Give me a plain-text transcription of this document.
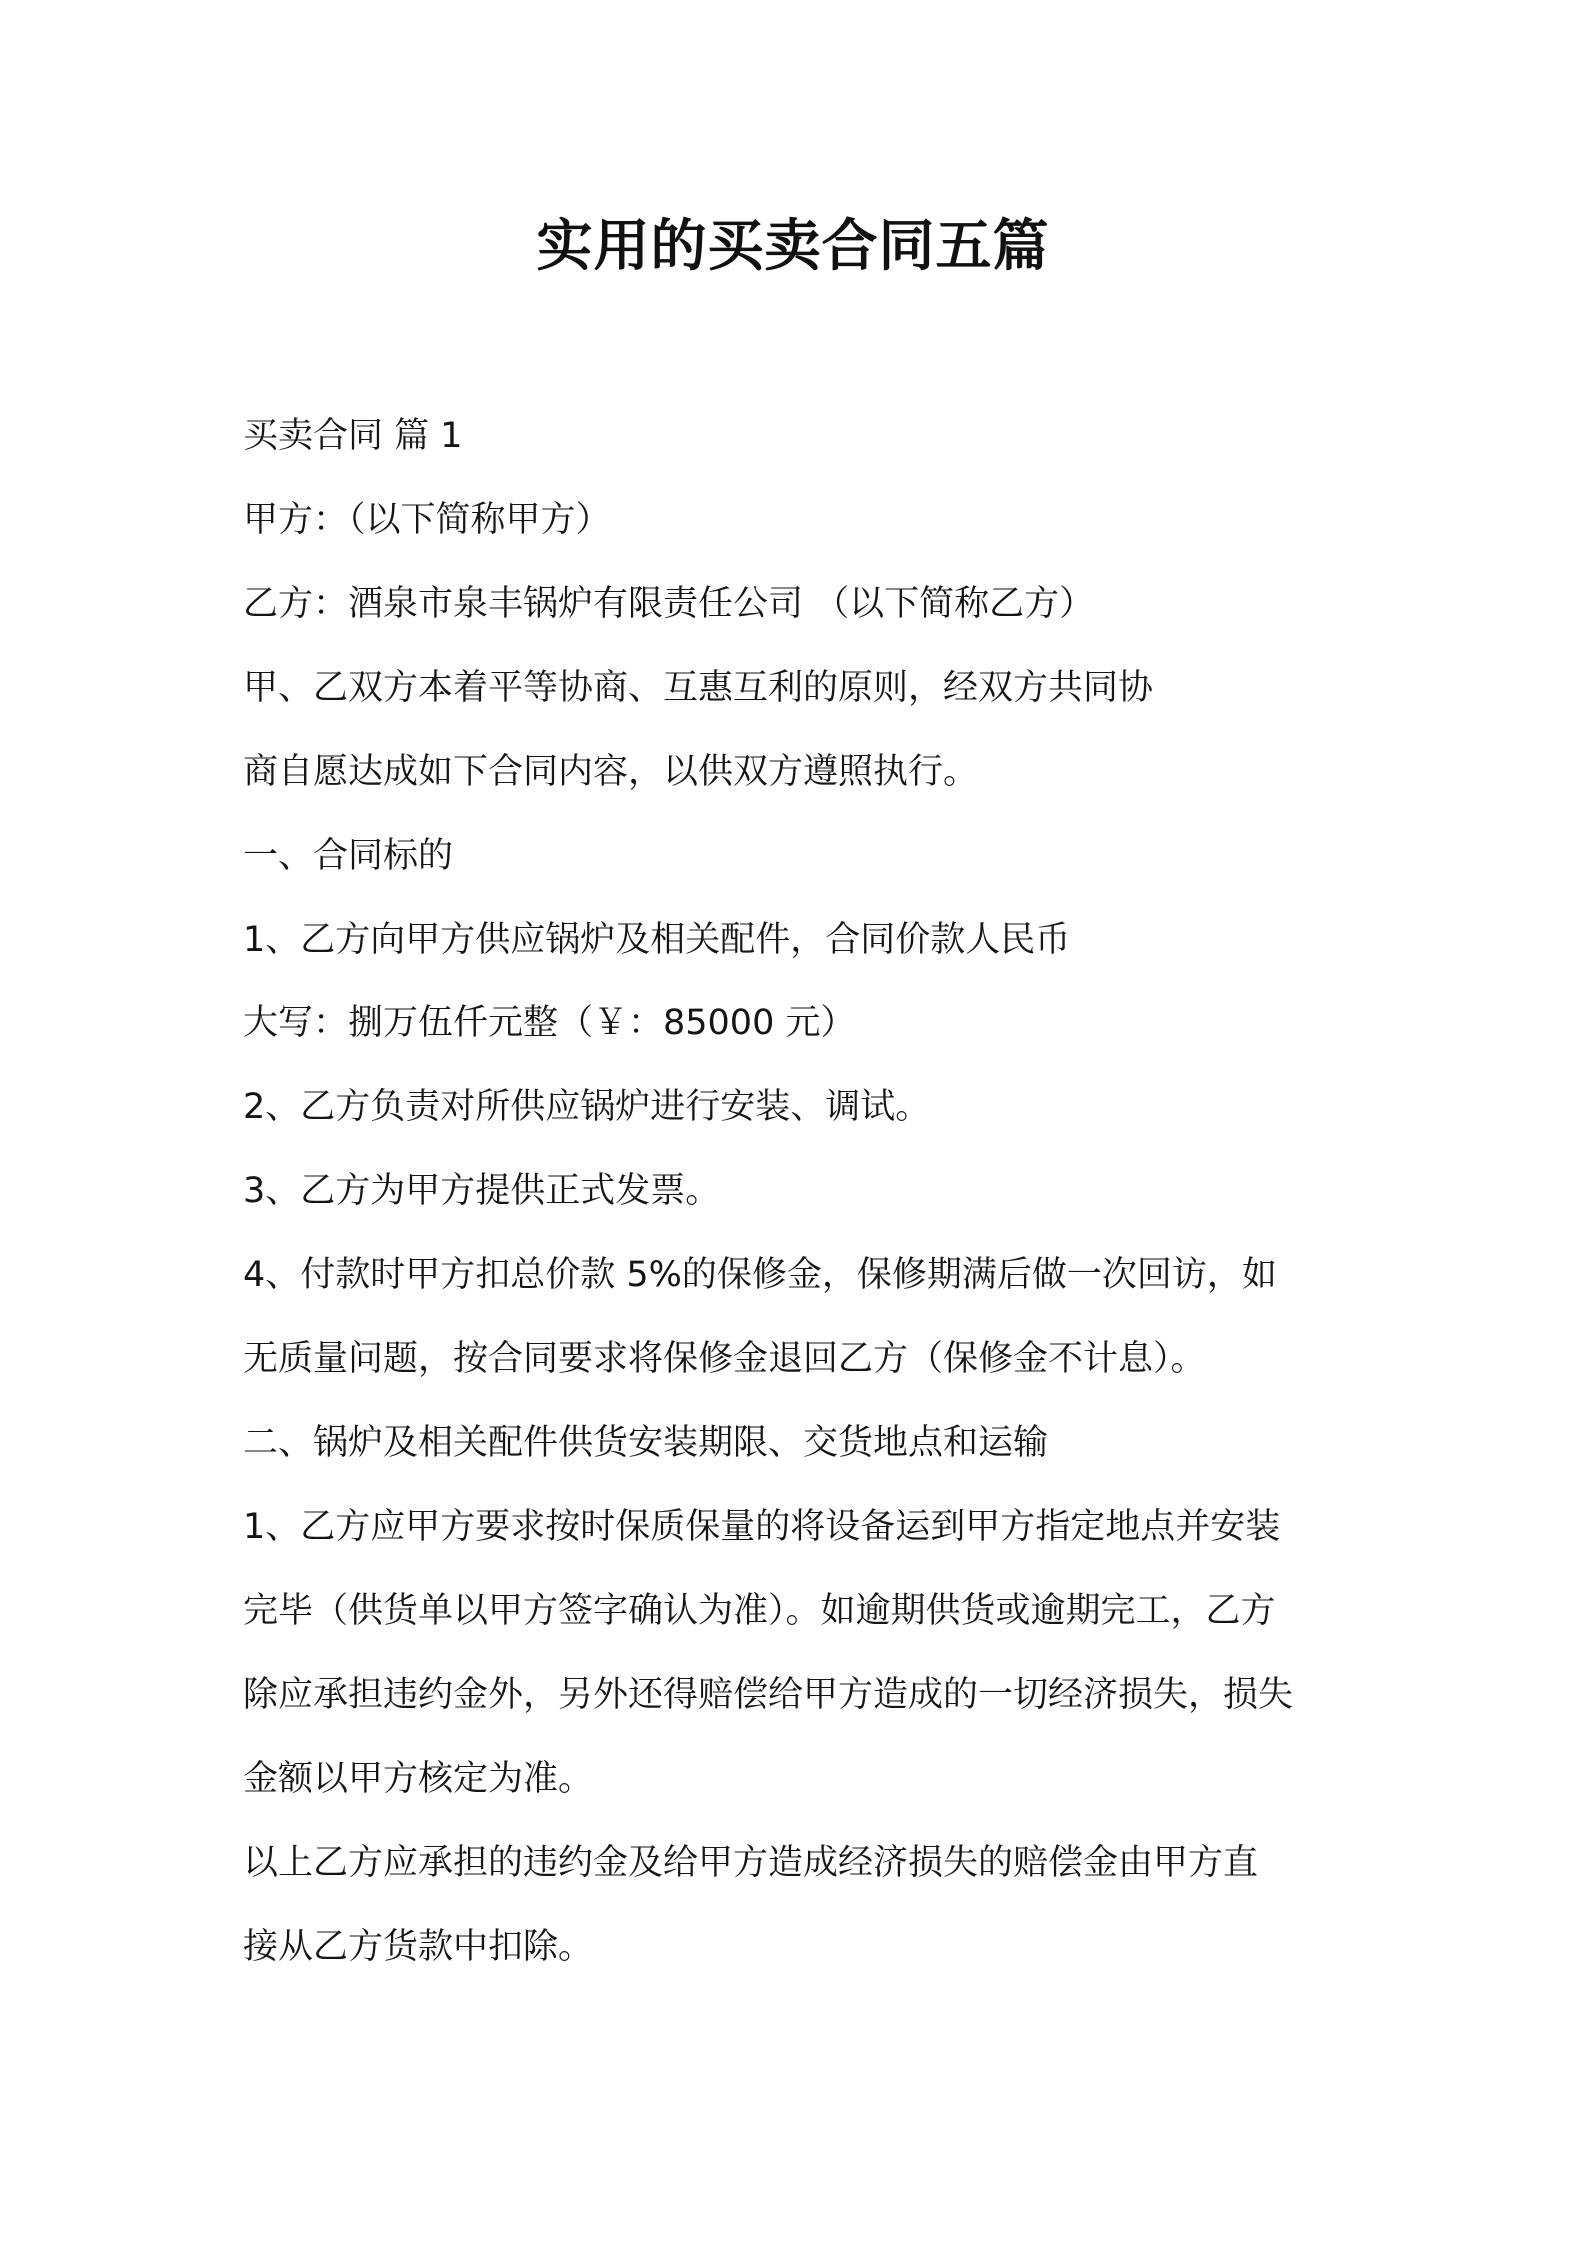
实用的买卖合同五篇
买卖合同 篇 1
甲方：（以下简称甲方）
乙方：酒泉市泉丰锅炉有限责任公司 （以下简称乙方）
甲、乙双方本着平等协商、互惠互利的原则，经双方共同协
商自愿达成如下合同内容，以供双方遵照执行。
一、合同标的
1、乙方向甲方供应锅炉及相关配件，合同价款人民币
大写：捌万伍仟元整（￥：85000 元）
2、乙方负责对所供应锅炉进行安装、调试。
3、乙方为甲方提供正式发票。
4、付款时甲方扣总价款 5%的保修金，保修期满后做一次回访，如
无质量问题，按合同要求将保修金退回乙方（保修金不计息）。
二、锅炉及相关配件供货安装期限、交货地点和运输
1、乙方应甲方要求按时保质保量的将设备运到甲方指定地点并安装
完毕（供货单以甲方签字确认为准）。如逾期供货或逾期完工，乙方
除应承担违约金外，另外还得赔偿给甲方造成的一切经济损失，损失
金额以甲方核定为准。
以上乙方应承担的违约金及给甲方造成经济损失的赔偿金由甲方直
接从乙方货款中扣除。
